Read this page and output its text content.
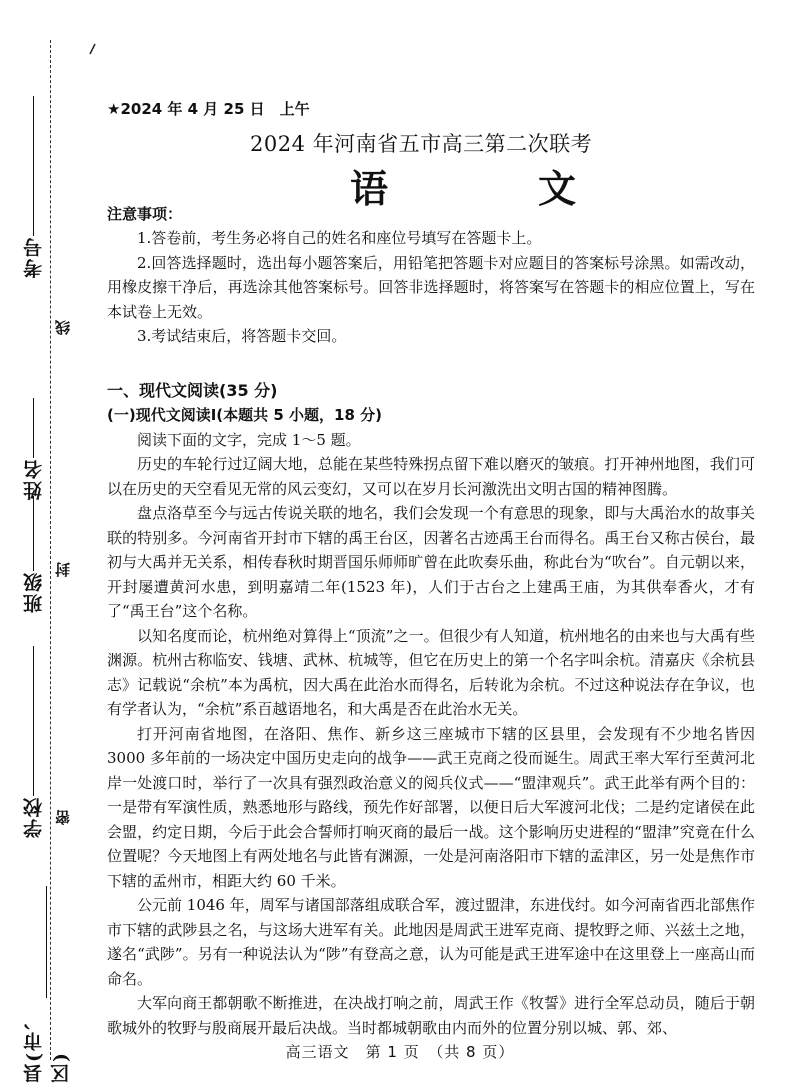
线
封
密
考号
姓名
班级
学校
县(市、区)
★2024 年 4 月 25 日　上午
2024 年河南省五市高三第二次联考
语　文
注意事项：

1.答卷前，考生务必将自己的姓名和座位号填写在答题卡上。

2.回答选择题时，选出每小题答案后，用铅笔把答题卡对应题目的答案标号涂黑。如需改动，用橡皮擦干净后，再选涂其他答案标号。回答非选择题时，将答案写在答题卡的相应位置上，写在本试卷上无效。

3.考试结束后，将答题卡交回。

一、现代文阅读(35 分)

(一)现代文阅读Ⅰ(本题共 5 小题，18 分)

阅读下面的文字，完成 1～5 题。

历史的车轮行过辽阔大地，总能在某些特殊拐点留下难以磨灭的皱痕。打开神州地图，我们可以在历史的天空看见无常的风云变幻，又可以在岁月长河激洗出文明古国的精神图腾。

盘点洛草至今与远古传说关联的地名，我们会发现一个有意思的现象，即与大禹治水的故事关联的特别多。今河南省开封市下辖的禹王台区，因著名古迹禹王台而得名。禹王台又称古侯台，最初与大禹并无关系，相传春秋时期晋国乐师师旷曾在此吹奏乐曲，称此台为“吹台”。自元朝以来，开封屡遭黄河水患，到明嘉靖二年(1523 年)，人们于古台之上建禹王庙，为其供奉香火，才有了“禹王台”这个名称。

以知名度而论，杭州绝对算得上“顶流”之一。但很少有人知道，杭州地名的由来也与大禹有些渊源。杭州古称临安、钱塘、武林、杭城等，但它在历史上的第一个名字叫余杭。清嘉庆《余杭县志》记载说“余杭”本为禹杭，因大禹在此治水而得名，后转讹为余杭。不过这种说法存在争议，也有学者认为，“余杭”系百越语地名，和大禹是否在此治水无关。

打开河南省地图，在洛阳、焦作、新乡这三座城市下辖的区县里，会发现有不少地名皆因 3000 多年前的一场决定中国历史走向的战争——武王克商之役而诞生。周武王率大军行至黄河北岸一处渡口时，举行了一次具有强烈政治意义的阅兵仪式——“盟津观兵”。武王此举有两个目的：一是带有军演性质，熟悉地形与路线，预先作好部署，以便日后大军渡河北伐；二是约定诸侯在此会盟，约定日期，今后于此会合誓师打响灭商的最后一战。这个影响历史进程的“盟津”究竟在什么位置呢？今天地图上有两处地名与此皆有渊源，一处是河南洛阳市下辖的孟津区，另一处是焦作市下辖的孟州市，相距大约 60 千米。

公元前 1046 年，周军与诸国部落组成联合军，渡过盟津，东进伐纣。如今河南省西北部焦作市下辖的武陟县之名，与这场大进军有关。此地因是周武王进军克商、提牧野之师、兴兹土之地，遂名“武陟”。另有一种说法认为“陟”有登高之意，认为可能是武王进军途中在这里登上一座高山而命名。

大军向商王都朝歌不断推进，在决战打响之前，周武王作《牧誓》进行全军总动员，随后于朝歌城外的牧野与殷商展开最后决战。当时都城朝歌由内而外的位置分别以城、郭、郊、

高三语文　第 1 页　（共 8 页）
